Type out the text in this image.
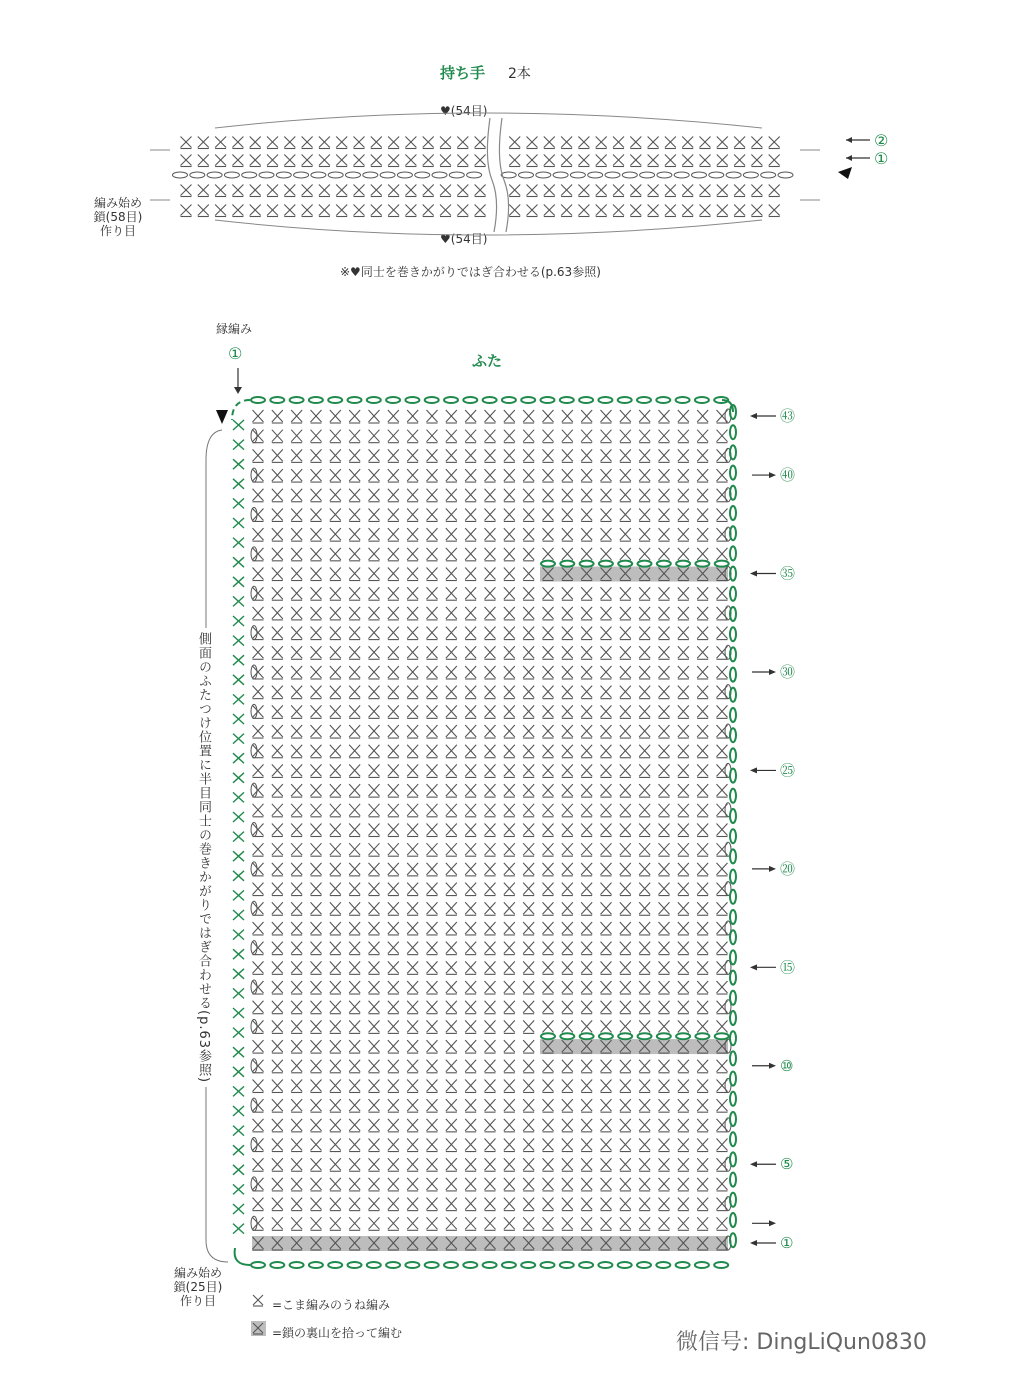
持ち手 2本
♥(54目)
♥(54目)
編み始め
鎖(58目)
作り目
②
①
※♥同士を巻きかがりではぎ合わせる(p.63参照)
ふた
縁編み
①
編み始め
鎖(25目)
作り目	=こま編みのうね編み
=鎖の裏山を拾って編む	微信号: DingLiQun0830
㊸
㊵
㉟
㉚
㉕
⑳
⑮
⑩
⑤
①
側面のふたつけ位置に半目同士の巻きかがりではぎ合わせる(p.63参照)
